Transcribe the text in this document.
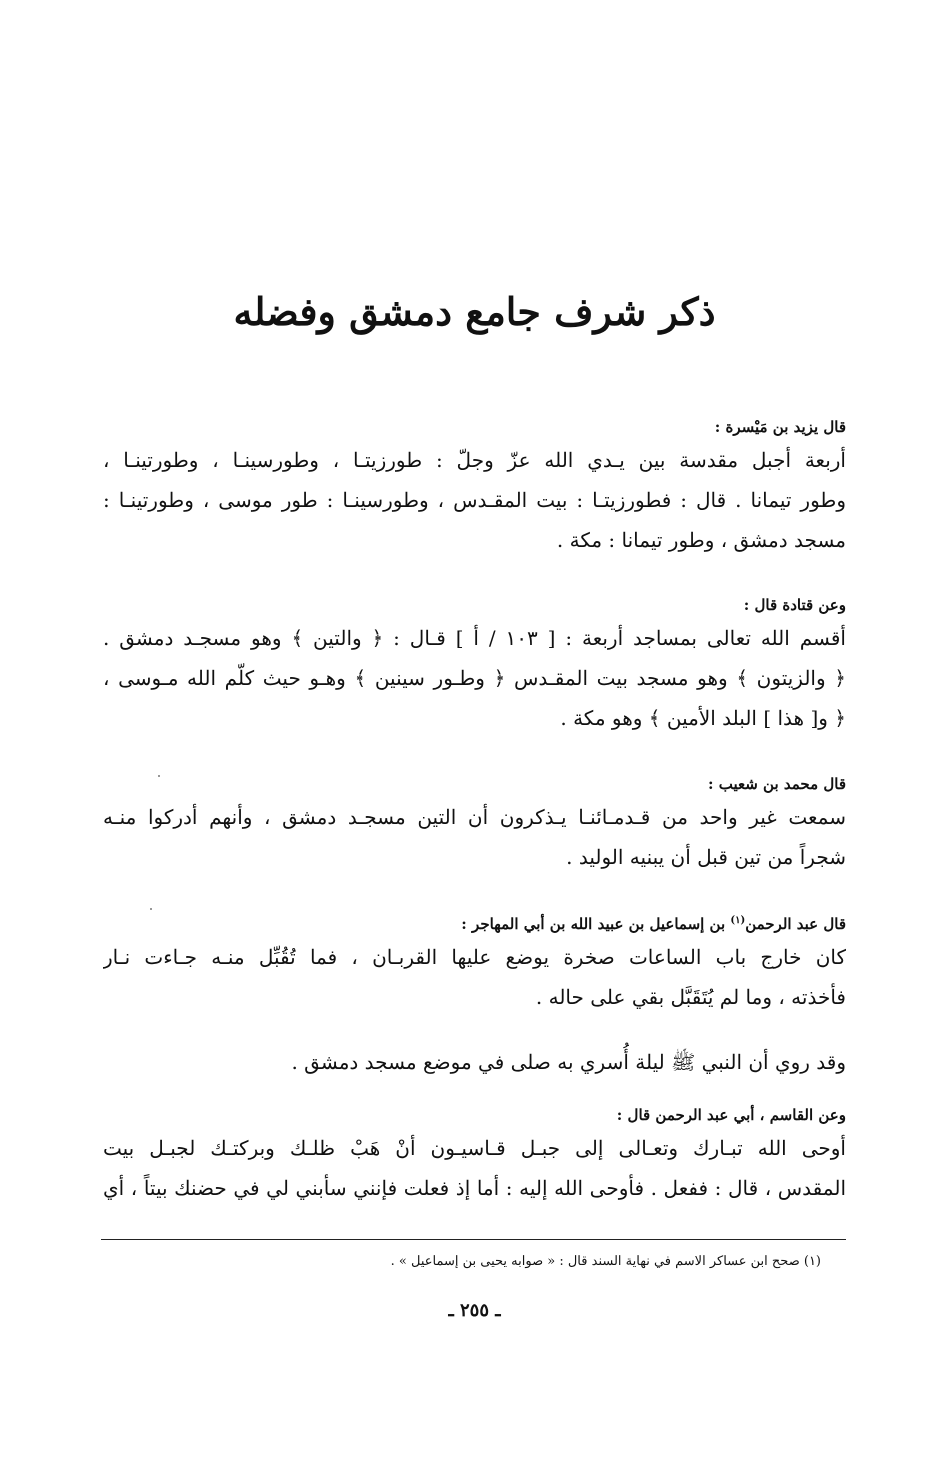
ذكر شرف جامع دمشق وفضله
قال يزيد بن مَيْسرة :
أربعة أجبل مقدسة بين يـدي الله عزّ وجلّ : طورزيتـا ، وطورسينـا ، وطورتينـا ،
وطور تيمانا . قال : فطورزيتـا : بيت المقـدس ، وطورسينـا : طور موسى ، وطورتينـا :
مسجد دمشق ، وطور تيمانا : مكة .
وعن قتادة قال :
أقسم الله تعالى بمساجد أربعة : [ ١٠٣ / أ ] قـال : ﴿ والتين ﴾ وهو مسجـد دمشق .
﴿ والزيتون ﴾ وهو مسجد بيت المقـدس ﴿ وطـور سينين ﴾ وهـو حيث كلّم الله مـوسى ،
﴿ و[ هذا ] البلد الأمين ﴾ وهو مكة .
قال محمد بن شعيب :
سمعت غير واحد من قـدمـائنـا يـذكرون أن التين مسجـد دمشق ، وأنهم أدركوا منـه
شجراً من تين قبل أن يبنيه الوليد .
قال عبد الرحمن$^{(١)}$ بن إسماعيل بن عبيد الله بن أبي المهاجر :
كان خارج باب الساعات صخرة يوضع عليها القربـان ، فما تُقُبِّل منـه جـاءت نـار
فأخذته ، وما لم يُتَقَبَّل بقي على حاله .
وقد روي أن النبي ﷺ ليلة أُسري به صلى في موضع مسجد دمشق .
وعن القاسم ، أبي عبد الرحمن قال :
أوحى الله تبـارك وتعـالى إلى جبـل قـاسيـون أنْ هَبْ ظلـك وبركتـك لجبـل بيت
المقدس ، قال : ففعل . فأوحى الله إليه : أما إذ فعلت فإنني سأبني لي في حضنك بيتاً ، أي
(١) صحح ابن عساكر الاسم في نهاية السند قال : « صوابه يحيى بن إسماعيل » .
ـ ٢٥٥ ـ
